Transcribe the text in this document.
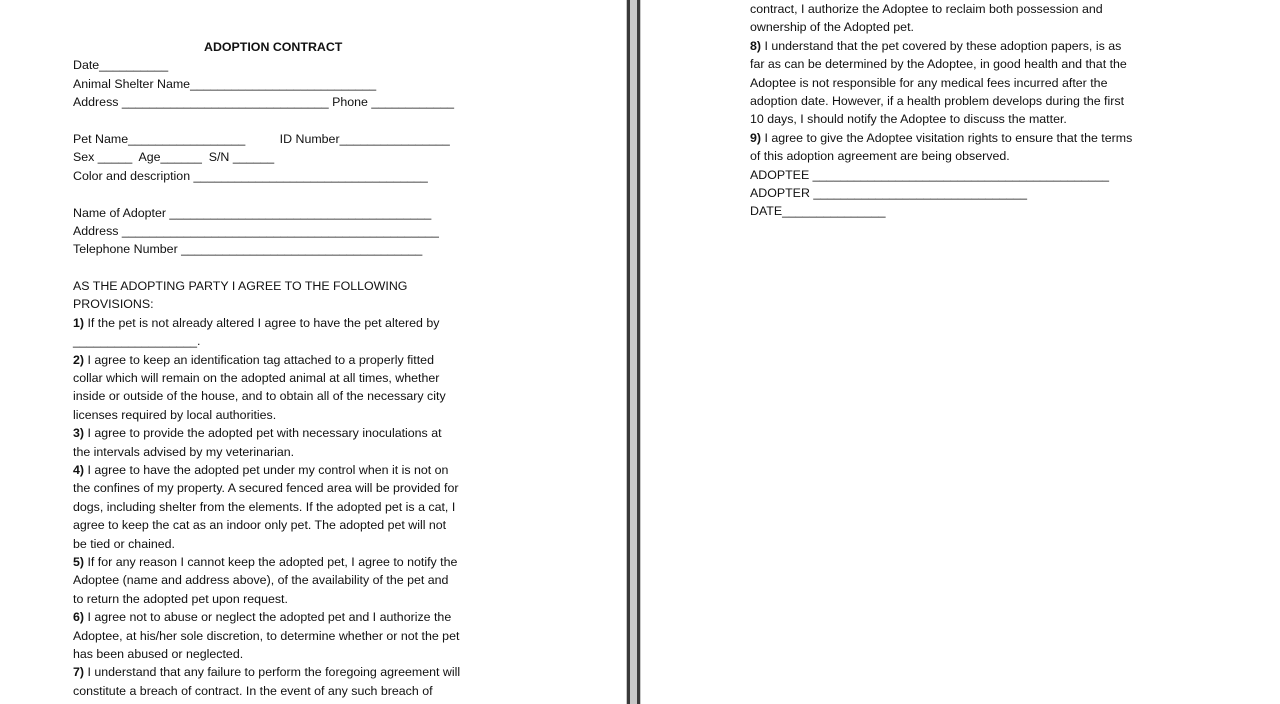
ADOPTION CONTRACT
Date__________
Animal Shelter Name___________________________
Address ______________________________ Phone ____________
Pet Name_________________          ID Number________________
Sex _____  Age______  S/N ______
Color and description __________________________________
Name of Adopter ______________________________________
Address ______________________________________________
Telephone Number ___________________________________
AS THE ADOPTING PARTY I AGREE TO THE FOLLOWING
PROVISIONS:
1) If the pet is not already altered I agree to have the pet altered by
__________________.
2) I agree to keep an identification tag attached to a properly fitted
collar which will remain on the adopted animal at all times, whether
inside or outside of the house, and to obtain all of the necessary city
licenses required by local authorities.
3) I agree to provide the adopted pet with necessary inoculations at
the intervals advised by my veterinarian.
4) I agree to have the adopted pet under my control when it is not on
the confines of my property. A secured fenced area will be provided for
dogs, including shelter from the elements. If the adopted pet is a cat, I
agree to keep the cat as an indoor only pet. The adopted pet will not
be tied or chained.
5) If for any reason I cannot keep the adopted pet, I agree to notify the
Adoptee (name and address above), of the availability of the pet and
to return the adopted pet upon request.
6) I agree not to abuse or neglect the adopted pet and I authorize the
Adoptee, at his/her sole discretion, to determine whether or not the pet
has been abused or neglected.
7) I understand that any failure to perform the foregoing agreement will
constitute a breach of contract. In the event of any such breach of
contract, I authorize the Adoptee to reclaim both possession and
ownership of the Adopted pet.
8) I understand that the pet covered by these adoption papers, is as
far as can be determined by the Adoptee, in good health and that the
Adoptee is not responsible for any medical fees incurred after the
adoption date. However, if a health problem develops during the first
10 days, I should notify the Adoptee to discuss the matter.
9) I agree to give the Adoptee visitation rights to ensure that the terms
of this adoption agreement are being observed.
ADOPTEE ___________________________________________
ADOPTER _______________________________
DATE_______________
